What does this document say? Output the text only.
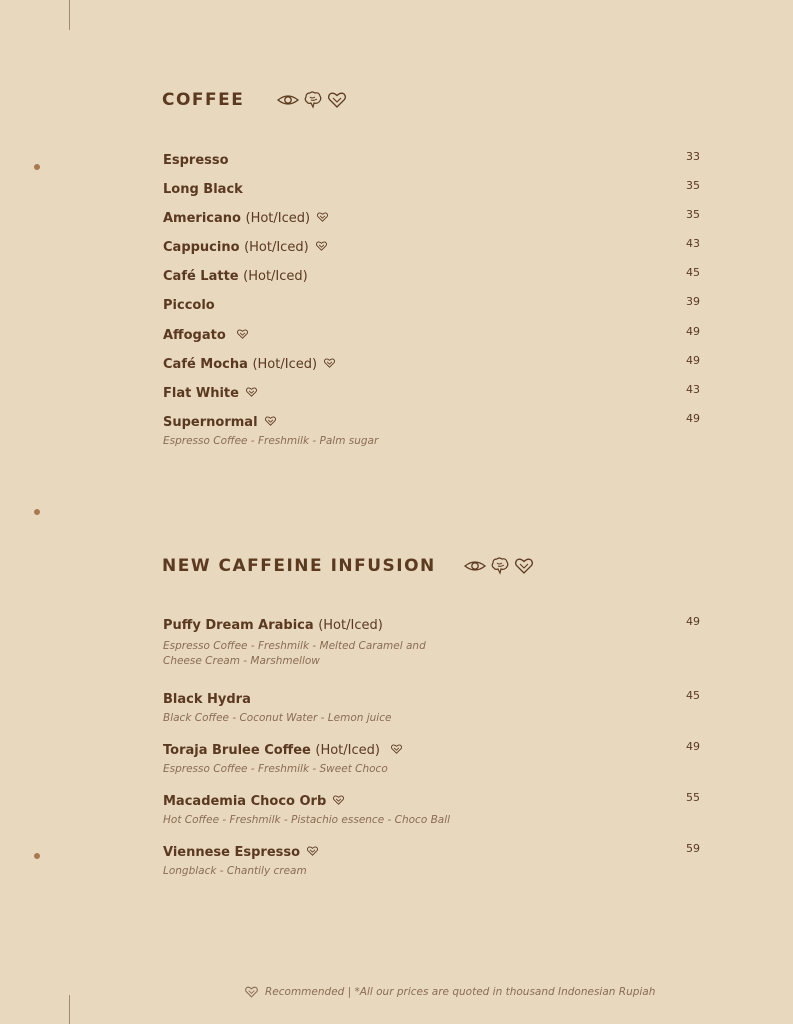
COFFEE
Espresso	33
Long Black	35
Americano (Hot/Iced)	35
Cappucino (Hot/Iced)	43
Café Latte (Hot/Iced)	45
Piccolo	39
Affogato	49
Café Mocha (Hot/Iced)	49
Flat White	43
Supernormal	49
Espresso Coffee - Freshmilk - Palm sugar
NEW CAFFEINE INFUSION
Puffy Dream Arabica (Hot/Iced)	49
Espresso Coffee - Freshmilk - Melted Caramel and Cheese Cream - Marshmellow
Black Hydra	45
Black Coffee - Coconut Water - Lemon juice
Toraja Brulee Coffee (Hot/Iced)	49
Espresso Coffee - Freshmilk - Sweet Choco
Macademia Choco Orb	55
Hot Coffee - Freshmilk - Pistachio essence - Choco Ball
Viennese Espresso	59
Longblack - Chantily cream
Recommended | *All our prices are quoted in thousand Indonesian Rupiah
